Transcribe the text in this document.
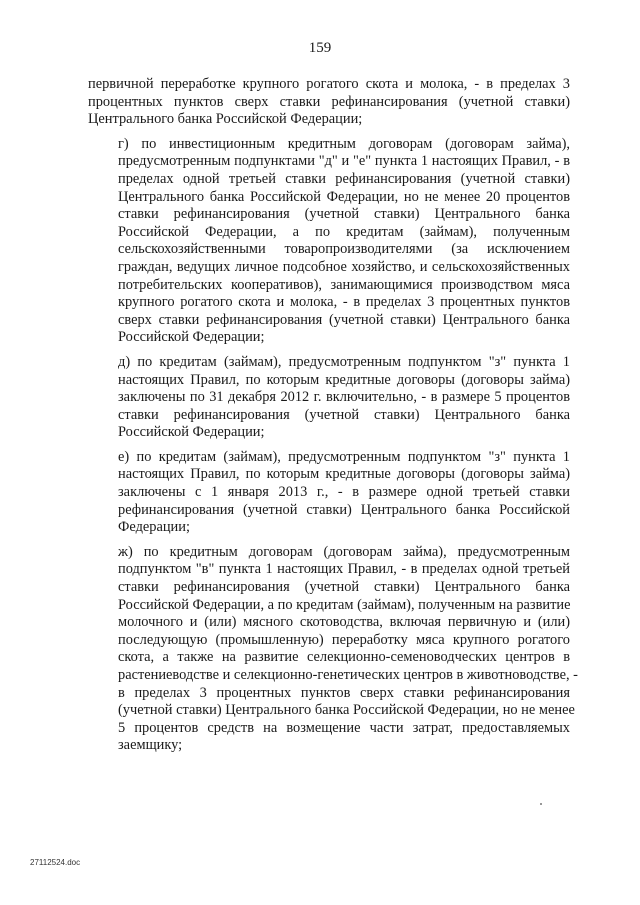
159

первичной переработке крупного рогатого скота и молока, - в пределах 3
процентных пунктов сверх ставки рефинансирования (учетной ставки)
Центрального банка Российской Федерации;

г) по инвестиционным кредитным договорам (договорам займа),
предусмотренным подпунктами "д" и "е" пункта 1 настоящих Правил, - в
пределах одной третьей ставки рефинансирования (учетной ставки)
Центрального банка Российской Федерации, но не менее 20 процентов
ставки рефинансирования (учетной ставки) Центрального банка
Российской Федерации, а по кредитам (займам), полученным
сельскохозяйственными товаропроизводителями (за исключением
граждан, ведущих личное подсобное хозяйство, и сельскохозяйственных
потребительских кооперативов), занимающимися производством мяса
крупного рогатого скота и молока, - в пределах 3 процентных пунктов
сверх ставки рефинансирования (учетной ставки) Центрального банка
Российской Федерации;

д) по кредитам (займам), предусмотренным подпунктом "з" пункта 1
настоящих Правил, по которым кредитные договоры (договоры займа)
заключены по 31 декабря 2012 г. включительно, - в размере 5 процентов
ставки рефинансирования (учетной ставки) Центрального банка
Российской Федерации;

е) по кредитам (займам), предусмотренным подпунктом "з" пункта 1
настоящих Правил, по которым кредитные договоры (договоры займа)
заключены с 1 января 2013 г., - в размере одной третьей ставки
рефинансирования (учетной ставки) Центрального банка Российской
Федерации;

ж) по кредитным договорам (договорам займа), предусмотренным
подпунктом "в" пункта 1 настоящих Правил, - в пределах одной третьей
ставки рефинансирования (учетной ставки) Центрального банка
Российской Федерации, а по кредитам (займам), полученным на развитие
молочного и (или) мясного скотоводства, включая первичную и (или)
последующую (промышленную) переработку мяса крупного рогатого
скота, а также на развитие селекционно-семеноводческих центров в
растениеводстве и селекционно-генетических центров в животноводстве, -
в пределах 3 процентных пунктов сверх ставки рефинансирования
(учетной ставки) Центрального банка Российской Федерации, но не менее
5 процентов средств на возмещение части затрат, предоставляемых
заемщику;

27112524.doc
